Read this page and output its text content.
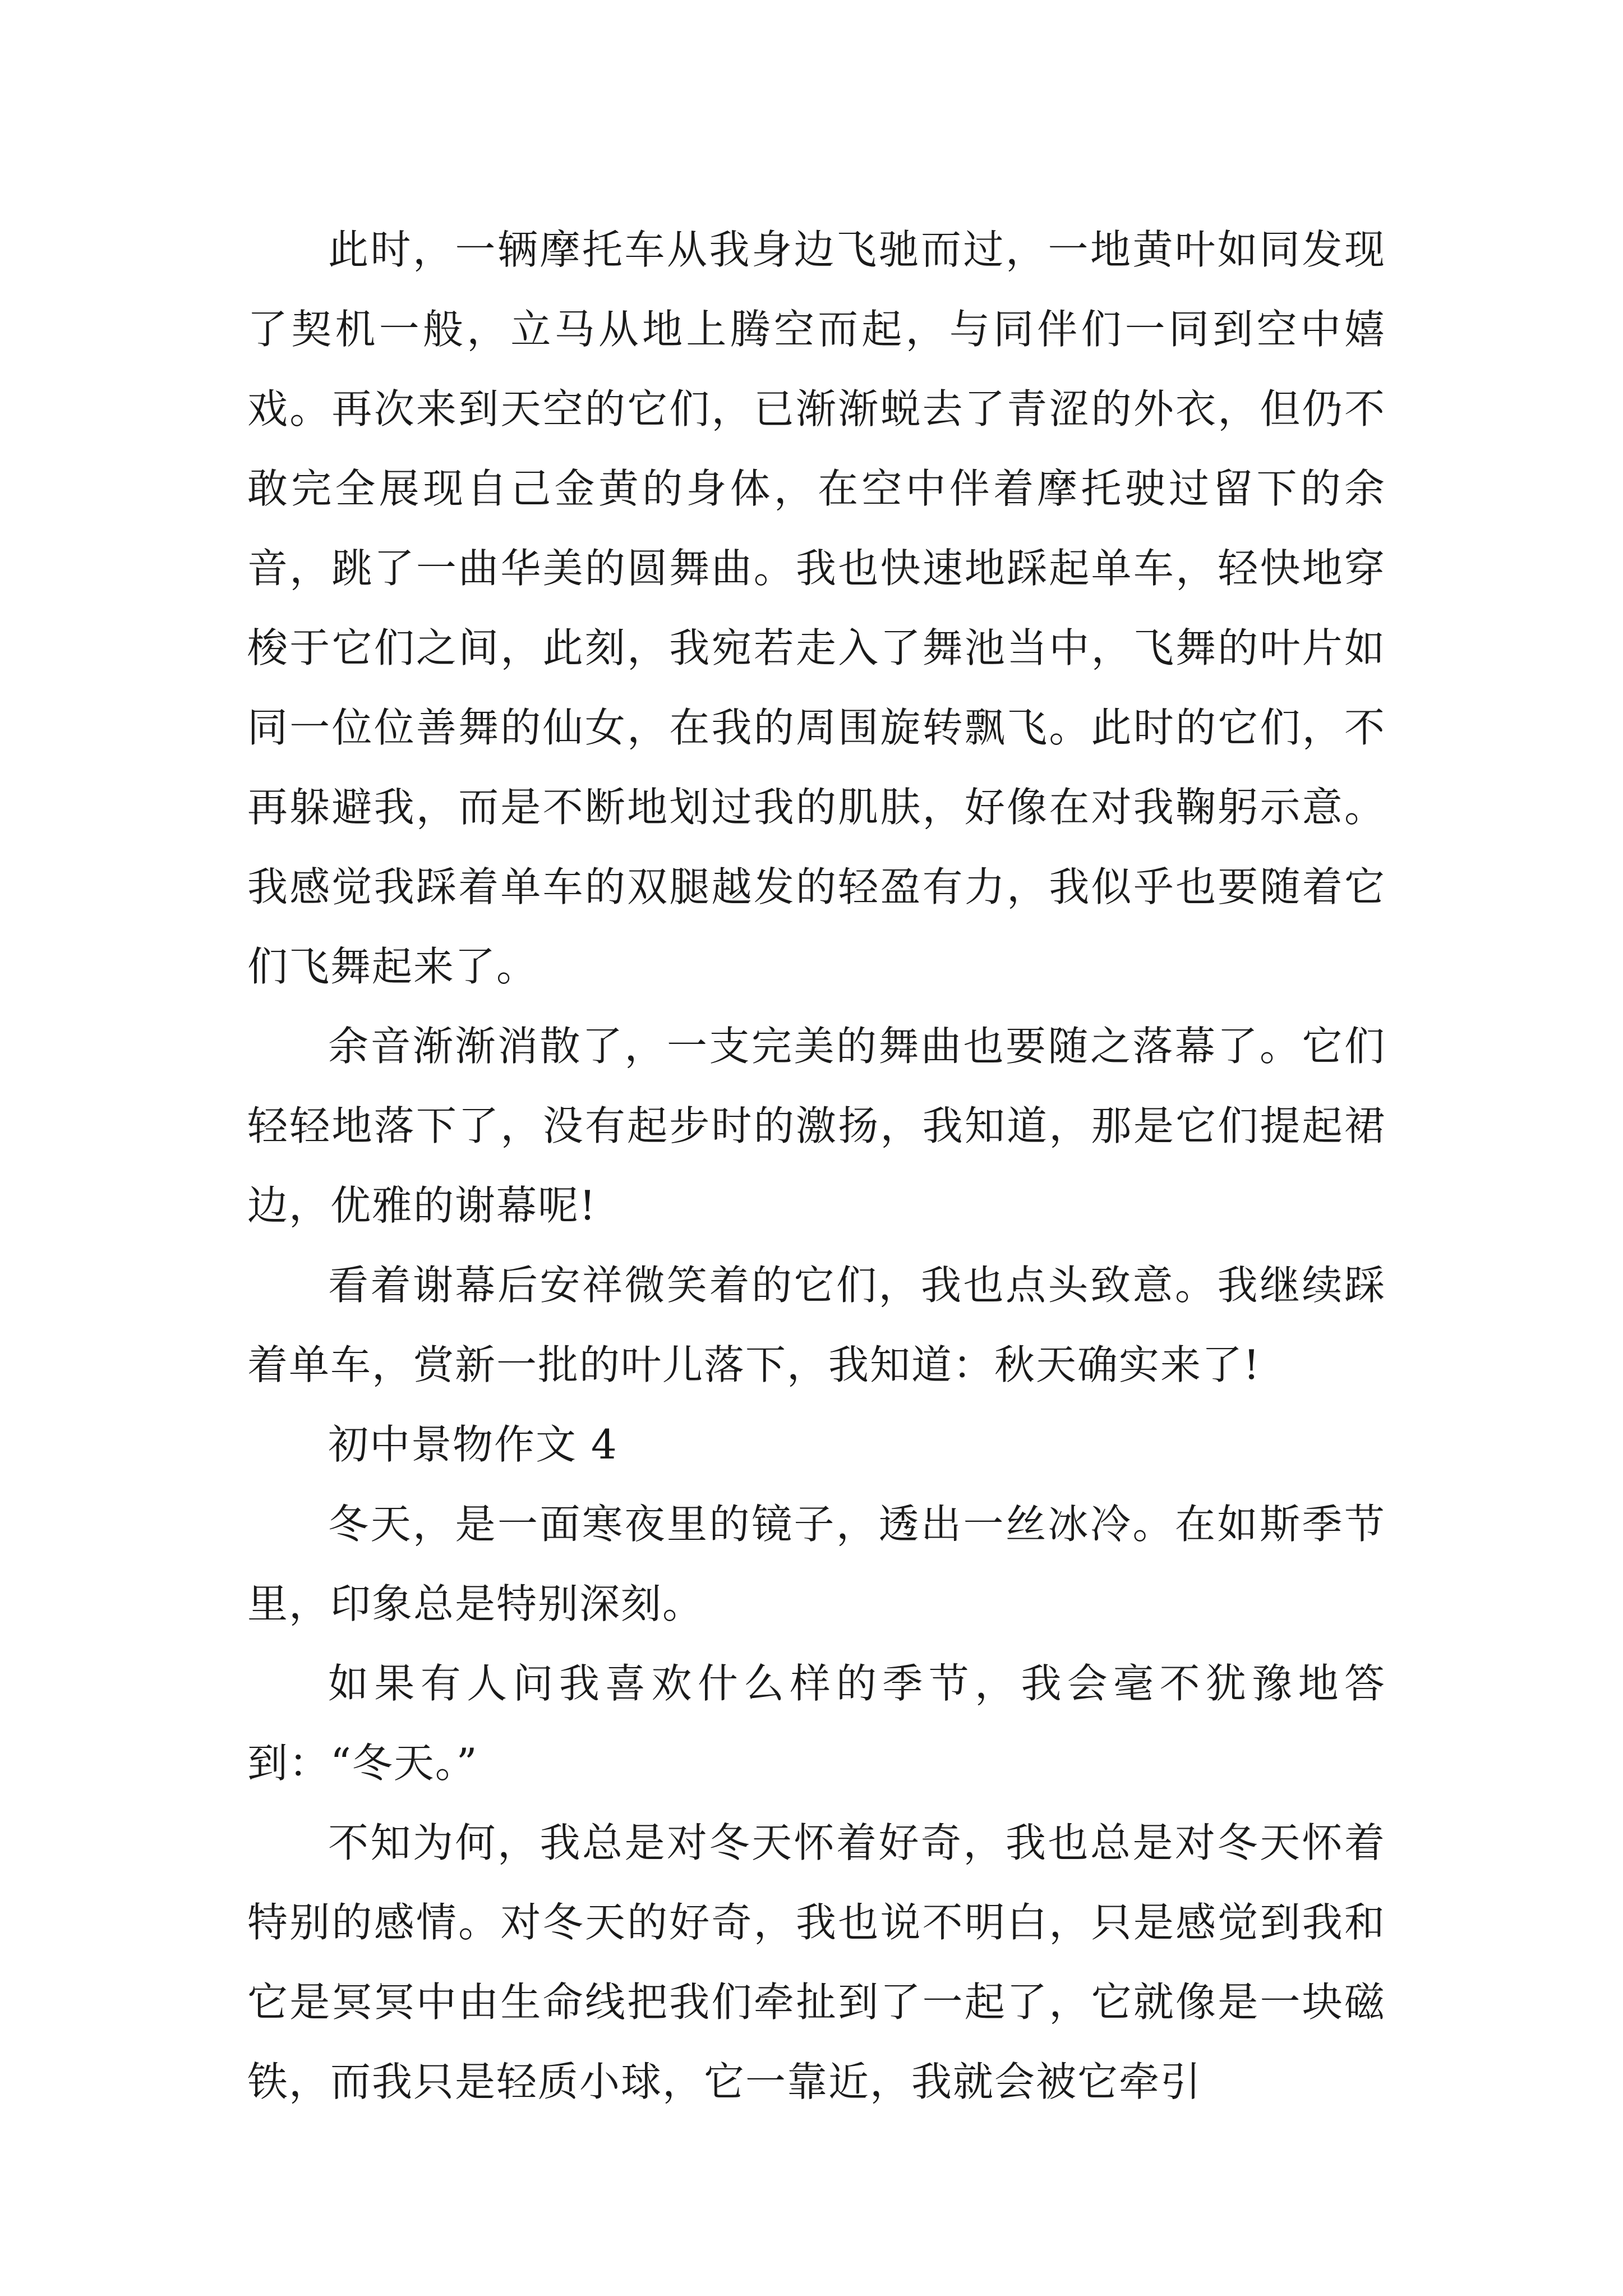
此时，一辆摩托车从我身边飞驰而过，一地黄叶如同发现了契机一般，立马从地上腾空而起，与同伴们一同到空中嬉戏。再次来到天空的它们，已渐渐蜕去了青涩的外衣，但仍不敢完全展现自己金黄的身体，在空中伴着摩托驶过留下的余音，跳了一曲华美的圆舞曲。我也快速地踩起单车，轻快地穿梭于它们之间，此刻，我宛若走入了舞池当中，飞舞的叶片如同一位位善舞的仙女，在我的周围旋转飘飞。此时的它们，不再躲避我，而是不断地划过我的肌肤，好像在对我鞠躬示意。我感觉我踩着单车的双腿越发的轻盈有力，我似乎也要随着它们飞舞起来了。

余音渐渐消散了，一支完美的舞曲也要随之落幕了。它们轻轻地落下了，没有起步时的激扬，我知道，那是它们提起裙边，优雅的谢幕呢!

看着谢幕后安祥微笑着的它们，我也点头致意。我继续踩着单车，赏新一批的叶儿落下，我知道：秋天确实来了!

初中景物作文 4

冬天，是一面寒夜里的镜子，透出一丝冰冷。在如斯季节里，印象总是特别深刻。

如果有人问我喜欢什么样的季节，我会毫不犹豫地答到：“冬天。”

不知为何，我总是对冬天怀着好奇，我也总是对冬天怀着特别的感情。对冬天的好奇，我也说不明白，只是感觉到我和它是冥冥中由生命线把我们牵扯到了一起了，它就像是一块磁铁，而我只是轻质小球，它一靠近，我就会被它牵引
